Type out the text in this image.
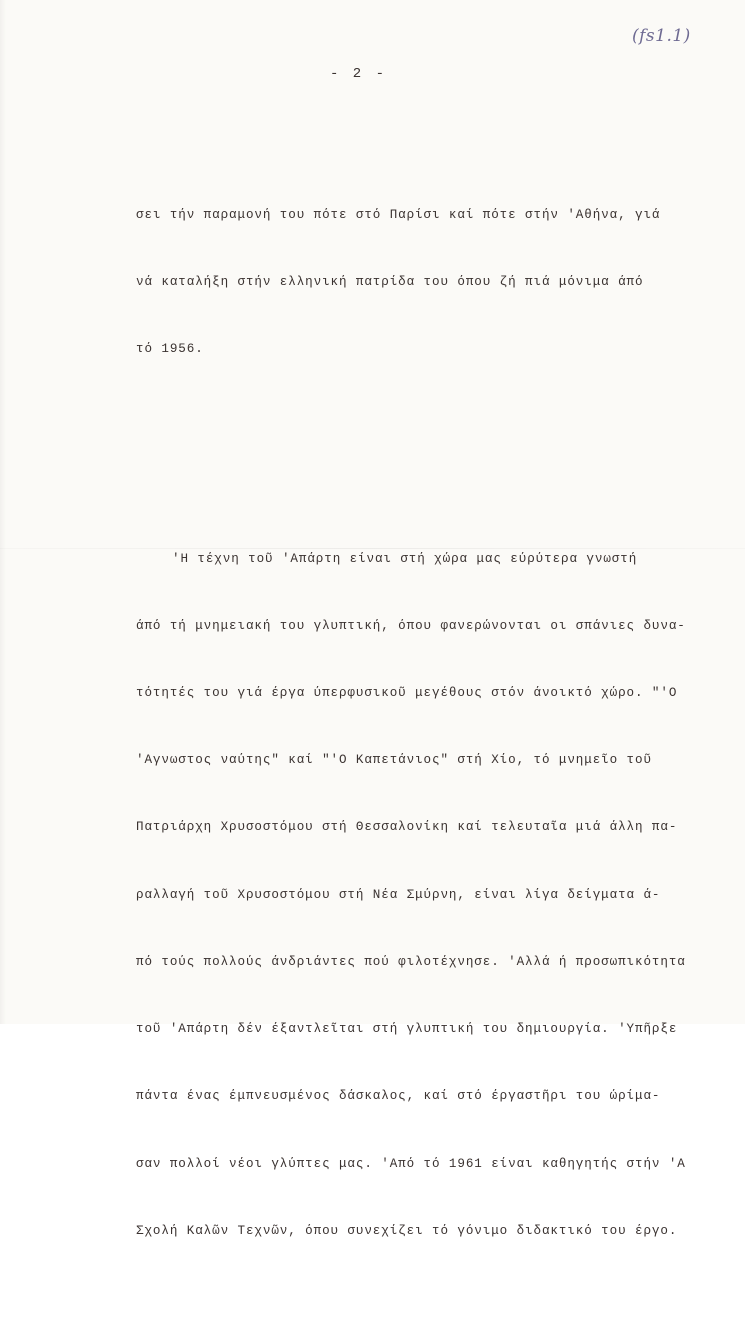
(fs1.1)
- 2 -

σει τήν παραμονή του πότε στό Παρίσι καί πότε στήν 'Αθήνα, γιά

νά καταλήξη στήν ελληνική πατρίδα του όπου ζή πιά μόνιμα άπό

τό 1956.

'Η τέχνη τοῦ 'Απάρτη είναι στή χώρα μας εύρύτερα γνωστή

άπό τή μνημειακή του γλυπτική, όπου φανερώνονται οι σπάνιες δυνα-

τότητές του γιά έργα ύπερφυσικοῦ μεγέθους στόν άνοικτό χώρο. "'Ο

'Αγνωστος ναύτης" καί "'Ο Καπετάνιος" στή Χίο, τό μνημεῖο τοῦ

Πατριάρχη Χρυσοστόμου στή Θεσσαλονίκη καί τελευταῖα μιά άλλη πα-

ραλλαγή τοῦ Χρυσοστόμου στή Νέα Σμύρνη, είναι λίγα δείγματα ά-

πό τούς πολλούς άνδριάντες πού φιλοτέχνησε. 'Αλλά ή προσωπικότητα

τοῦ 'Απάρτη δέν έξαντλεῖται στή γλυπτική του δημιουργία. 'Υπῆρξε

πάντα ένας έμπνευσμένος δάσκαλος, καί στό έργαστῆρι του ώρίμα-

σαν πολλοί νέοι γλύπτες μας. 'Από τό 1961 είναι καθηγητής στήν 'Α

Σχολή Καλῶν Τεχνῶν, όπου συνεχίζει τό γόνιμο διδακτικό του έργο.
